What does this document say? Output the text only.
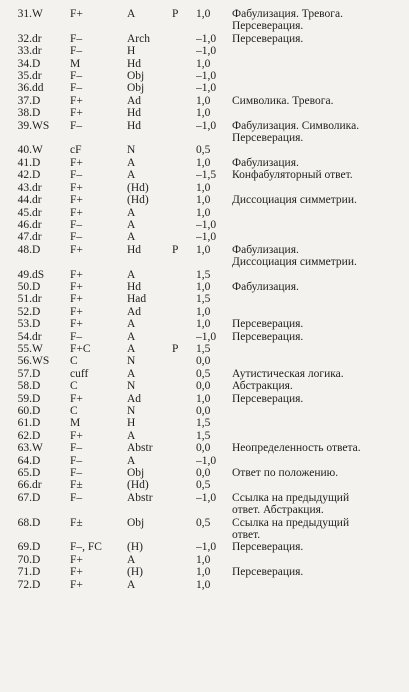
31.	W	F+	A	P	1,0	Фабулизация. Тревога.
Персеверация.

32.	dr	F–	Arch		–1,0	Персеверация.

33.	dr	F–	H		–1,0	
34.	D	M	Hd		1,0	
35.	dr	F–	Obj		–1,0	
36.	dd	F–	Obj		–1,0	
37.	D	F+	Ad		1,0	Символика. Тревога.

38.	D	F+	Hd		1,0	
39.	WS	F–	Hd		–1,0	Фабулизация. Символика.
Персеверация.

40.	W	cF	N		0,5	
41.	D	F+	A		1,0	Фабулизация.

42.	D	F–	A		–1,5	Конфабуляторный ответ.

43.	dr	F+	(Hd)		1,0	
44.	dr	F+	(Hd)		1,0	Диссоциация симметрии.

45.	dr	F+	A		1,0	
46.	dr	F–	A		–1,0	
47.	dr	F–	A		–1,0	
48.	D	F+	Hd	P	1,0	Фабулизация.
Диссоциация симметрии.

49.	dS	F+	A		1,5	
50.	D	F+	Hd		1,0	Фабулизация.

51.	dr	F+	Had		1,5	
52.	D	F+	Ad		1,0	
53.	D	F+	A		1,0	Персеверация.

54.	dr	F–	A		–1,0	Персеверация.

55.	W	F+C	A	P	1,5	
56.	WS	C	N		0,0	
57.	D	cuff	A		0,5	Аутистическая логика.

58.	D	C	N		0,0	Абстракция.

59.	D	F+	Ad		1,0	Персеверация.

60.	D	C	N		0,0	
61.	D	M	H		1,5	
62.	D	F+	A		1,5	
63.	W	F–	Abstr		0,0	Неопределенность ответа.

64.	D	F–	A		–1,0	
65.	D	F–	Obj		0,0	Ответ по положению.

66.	dr	F±	(Hd)		0,5	
67.	D	F–	Abstr		–1,0	Ссылка на предыдущий
ответ. Абстракция.

68.	D	F±	Obj		0,5	Ссылка на предыдущий
ответ.

69.	D	F–, FC	(H)		–1,0	Персеверация.

70.	D	F+	A		1,0	
71.	D	F+	(H)		1,0	Персеверация.

72.	D	F+	A		1,0	
